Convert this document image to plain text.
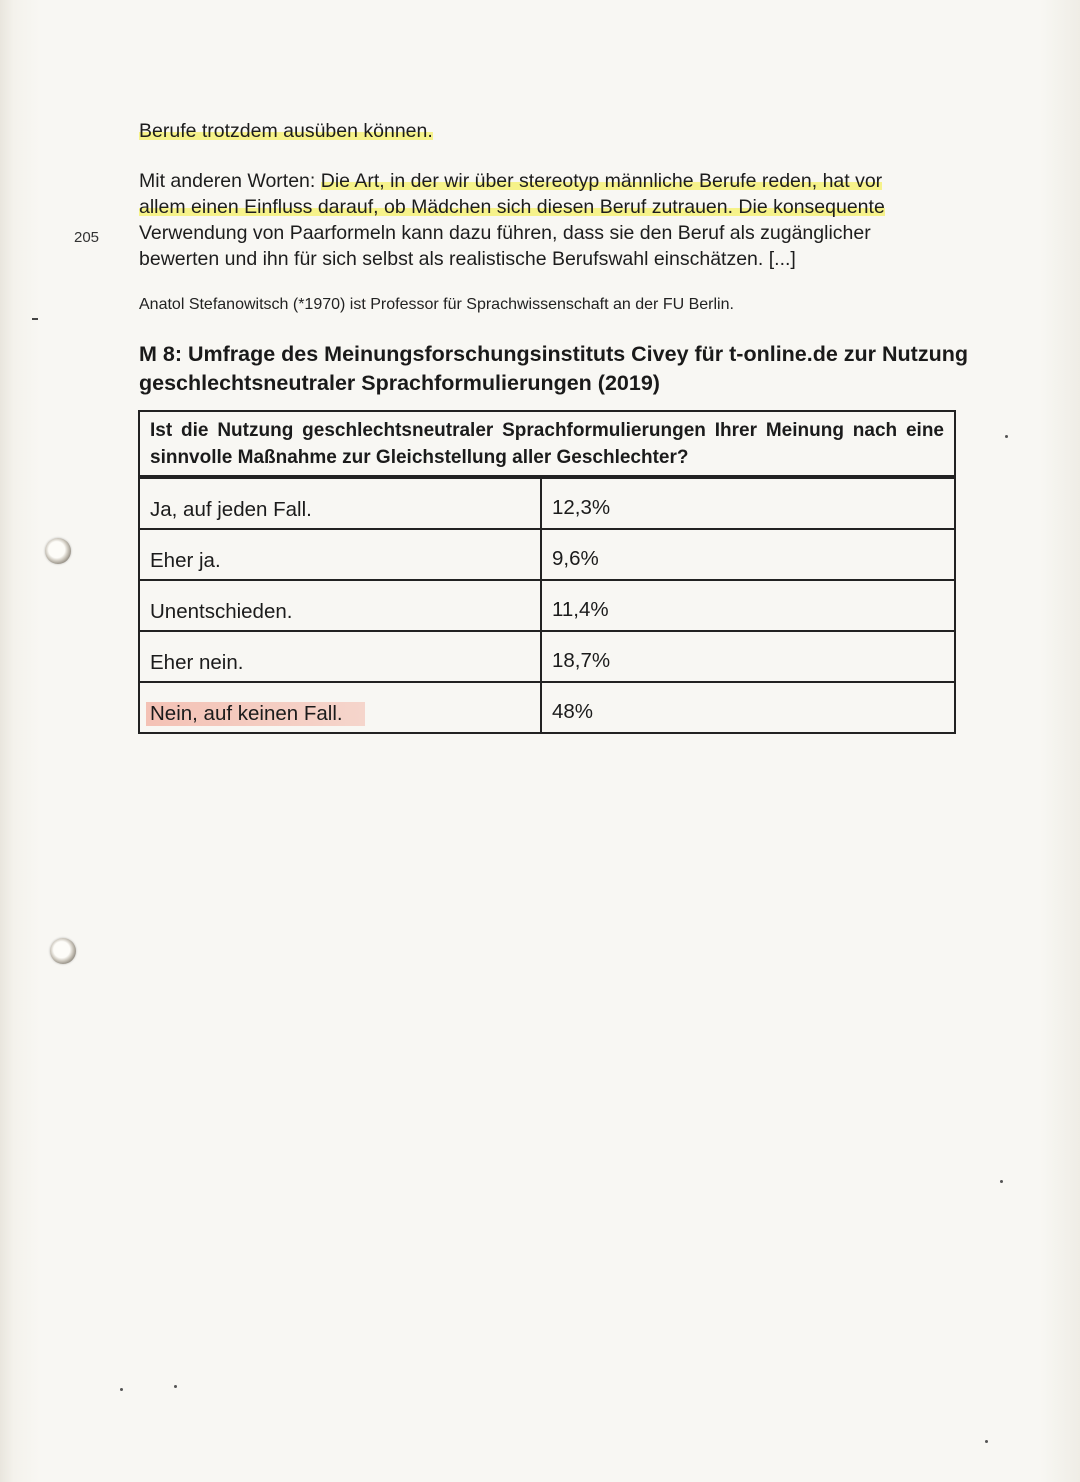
205
Berufe trotzdem ausüben können.
Mit anderen Worten: Die Art, in der wir über stereotyp männliche Berufe reden, hat vor
allem einen Einfluss darauf, ob Mädchen sich diesen Beruf zutrauen. Die konsequente
Verwendung von Paarformeln kann dazu führen, dass sie den Beruf als zugänglicher
bewerten und ihn für sich selbst als realistische Berufswahl einschätzen. [...]
Anatol Stefanowitsch (*1970) ist Professor für Sprachwissenschaft an der FU Berlin.
M 8: Umfrage des Meinungsforschungsinstituts Civey für t-online.de zur Nutzung geschlechtsneutraler Sprachformulierungen (2019)
Ist die Nutzung geschlechtsneutraler Sprachformulierungen Ihrer Meinung nach eine sinnvolle Maßnahme zur Gleichstellung aller Geschlechter?
Ja, auf jeden Fall.	12,3%
Eher ja.	9,6%
Unentschieden.	11,4%
Eher nein.	18,7%
Nein, auf keinen Fall.	48%
